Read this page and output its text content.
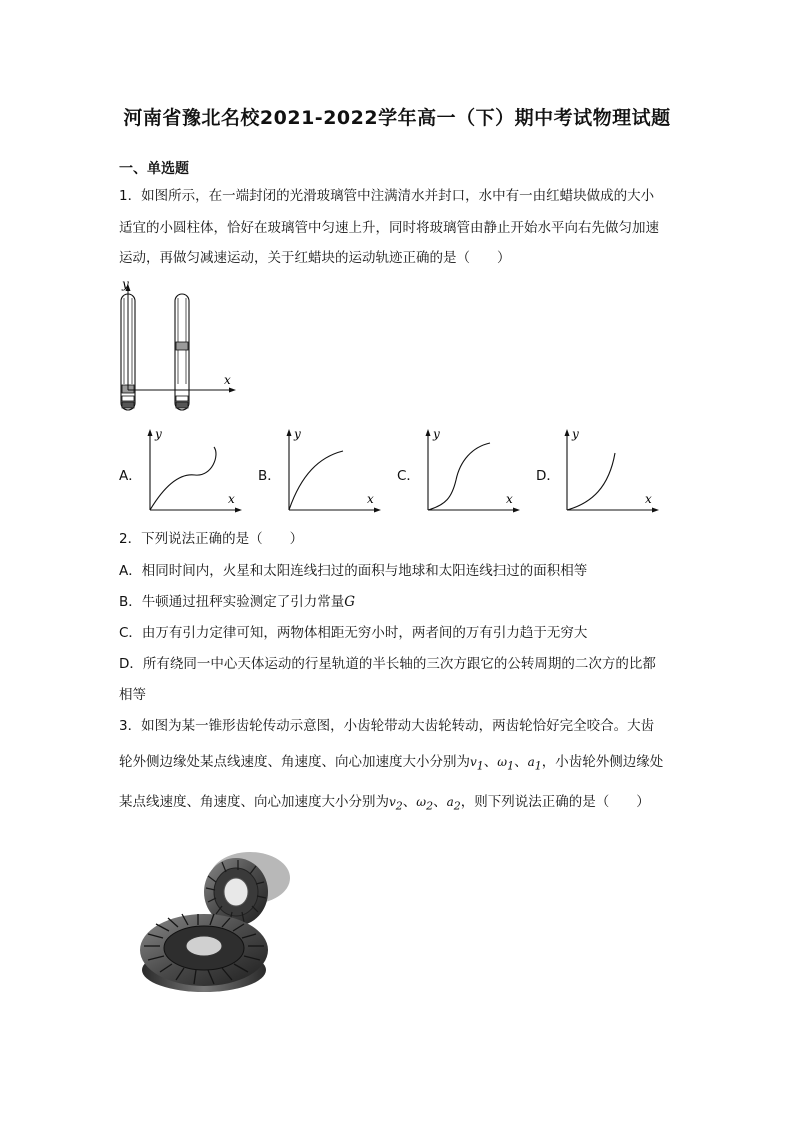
河南省豫北名校2021-2022学年高一（下）期中考试物理试题
一、单选题
1．如图所示，在一端封闭的光滑玻璃管中注满清水并封口，水中有一由红蜡块做成的大小
适宜的小圆柱体，恰好在玻璃管中匀速上升，同时将玻璃管由静止开始水平向右先做匀加速
运动，再做匀减速运动，关于红蜡块的运动轨迹正确的是（　　）
y
x
A．
y
x
B．
y
x
C．
y
x
D．
y
x
2．下列说法正确的是（　　）
A．相同时间内，火星和太阳连线扫过的面积与地球和太阳连线扫过的面积相等
B．牛顿通过扭秤实验测定了引力常量G
C．由万有引力定律可知，两物体相距无穷小时，两者间的万有引力趋于无穷大
D．所有绕同一中心天体运动的行星轨道的半长轴的三次方跟它的公转周期的二次方的比都
相等
3．如图为某一锥形齿轮传动示意图，小齿轮带动大齿轮转动，两齿轮恰好完全咬合。大齿
轮外侧边缘处某点线速度、角速度、向心加速度大小分别为$v_1$、$\omega_1$、$a_1$，小齿轮外侧边缘处
某点线速度、角速度、向心加速度大小分别为$v_2$、$\omega_2$、$a_2$，则下列说法正确的是（　　）
